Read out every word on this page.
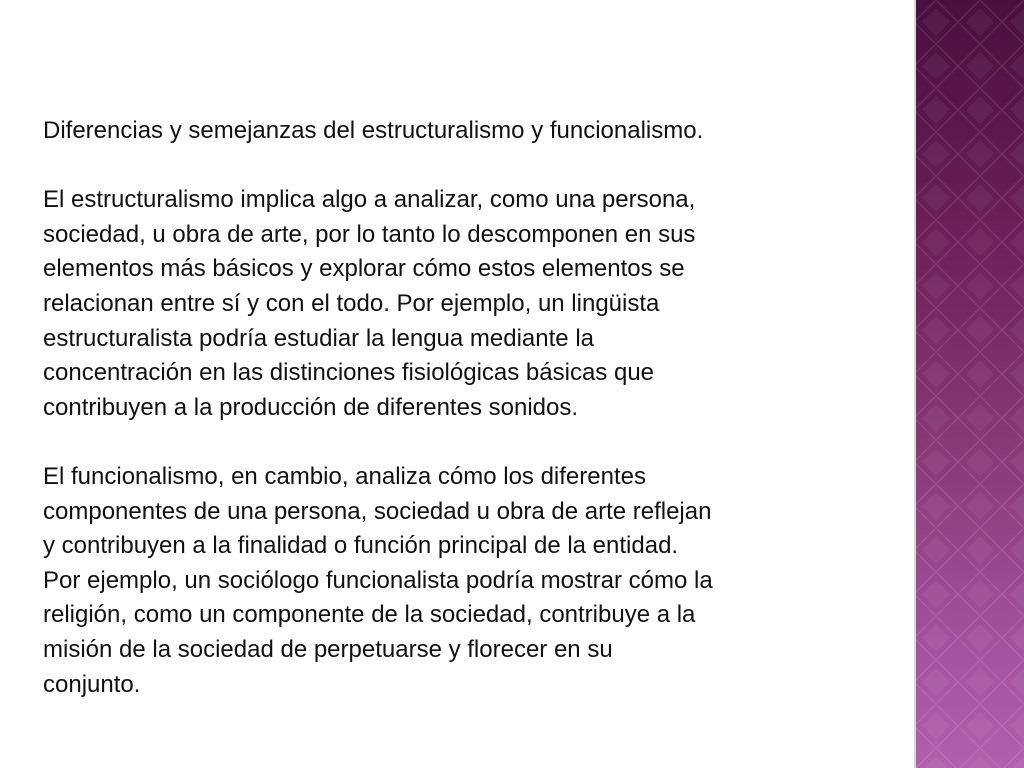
Diferencias y semejanzas del estructuralismo y funcionalismo.

El estructuralismo implica algo a analizar, como una persona,
sociedad, u obra de arte, por lo tanto lo descomponen en sus
elementos más básicos y explorar cómo estos elementos se
relacionan entre sí y con el todo. Por ejemplo, un lingüista
estructuralista podría estudiar la lengua mediante la
concentración en las distinciones fisiológicas básicas que
contribuyen a la producción de diferentes sonidos.

El funcionalismo, en cambio, analiza cómo los diferentes
componentes de una persona, sociedad u obra de arte reflejan
y contribuyen a la finalidad o función principal de la entidad.
Por ejemplo, un sociólogo funcionalista podría mostrar cómo la
religión, como un componente de la sociedad, contribuye a la
misión de la sociedad de perpetuarse y florecer en su
conjunto.
